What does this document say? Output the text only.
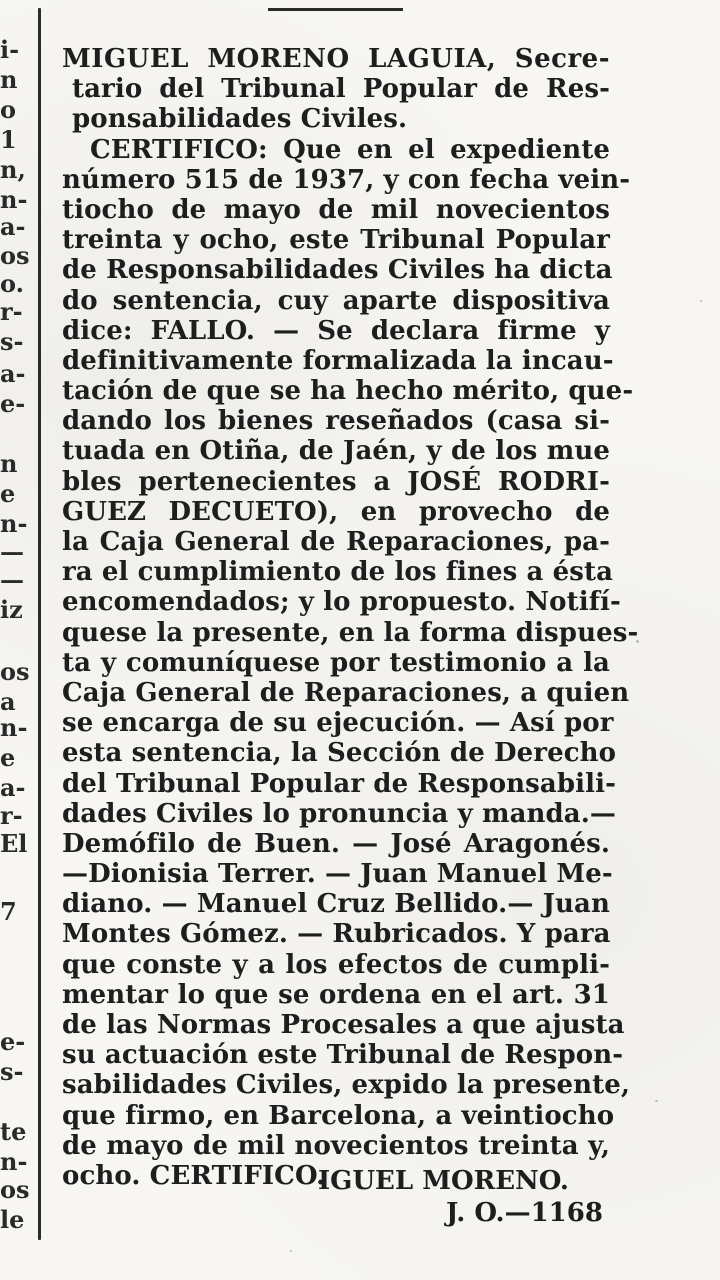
i-
n
o
1
n,
n-
a-
os
o.
r-
s-
a-
e-
n
e
n-
—
—
iz
os
a
n-
e
a-
r-
El
7
e-
s-
te
n-
os
le
MIGUEL MORENO LAGUIA, Secre-
tario del Tribunal Popular de Res-
ponsabilidades Civiles.
CERTIFICO: Que en el expediente
número 515 de 1937, y con fecha vein-
tiocho de mayo de mil novecientos
treinta y ocho, este Tribunal Popular
de Responsabilidades Civiles ha dicta
do sentencia, cuy aparte dispositiva
dice: FALLO. — Se declara firme y
definitivamente formalizada la incau-
tación de que se ha hecho mérito, que-
dando los bienes reseñados (casa si-
tuada en Otiña, de Jaén, y de los mue
bles pertenecientes a JOSÉ RODRI-
GUEZ DECUETO), en provecho de
la Caja General de Reparaciones, pa-
ra el cumplimiento de los fines a ésta
encomendados; y lo propuesto. Notifí-
quese la presente, en la forma dispues-
ta y comuníquese por testimonio a la
Caja General de Reparaciones, a quien
se encarga de su ejecución. — Así por
esta sentencia, la Sección de Derecho
del Tribunal Popular de Responsabili-
dades Civiles lo pronuncia y manda.—
Demófilo de Buen. — José Aragonés.
—Dionisia Terrer. — Juan Manuel Me-
diano. — Manuel Cruz Bellido.— Juan
Montes Gómez. — Rubricados. Y para
que conste y a los efectos de cumpli-
mentar lo que se ordena en el art. 31
de las Normas Procesales a que ajusta
su actuación este Tribunal de Respon-
sabilidades Civiles, expido la presente,
que firmo, en Barcelona, a veintiocho
de mayo de mil novecientos treinta y,
ocho. CERTIFICO.
IGUEL MORENO.
J. O.—1168
